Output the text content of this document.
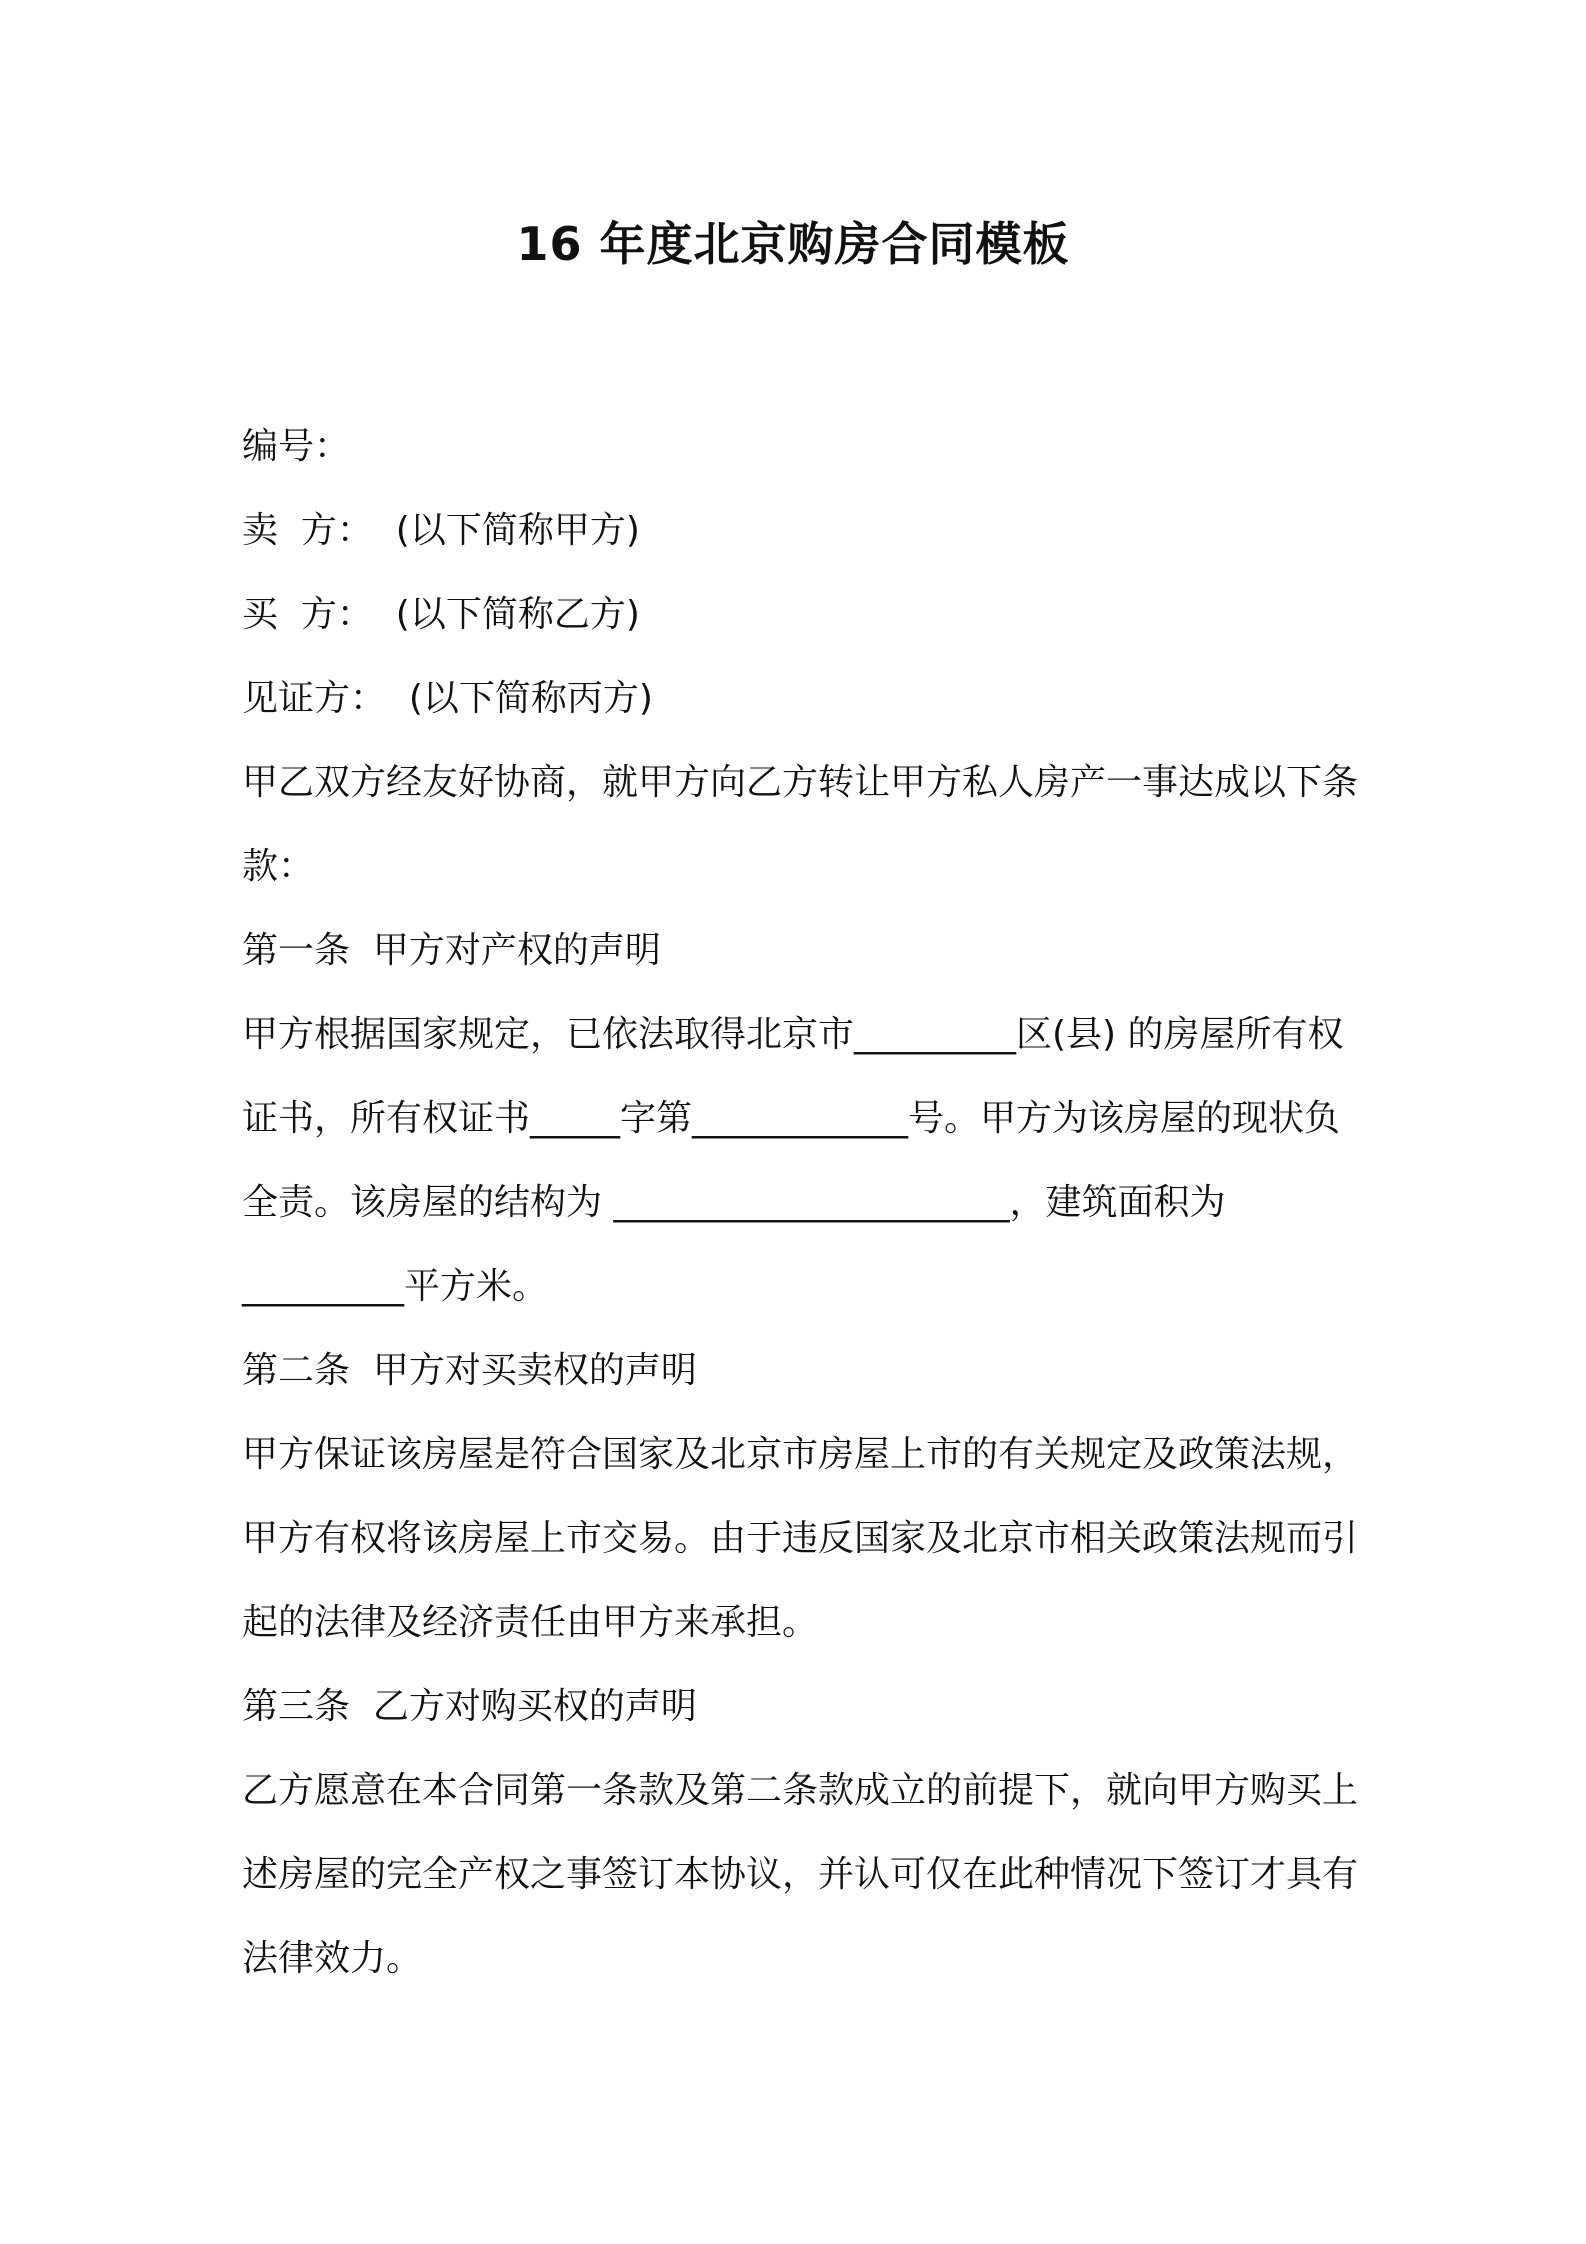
16 年度北京购房合同模板

编号：

卖  方：  (以下简称甲方)

买  方：  (以下简称乙方)

见证方：  (以下简称丙方)

甲乙双方经友好协商，就甲方向乙方转让甲方私人房产一事达成以下条款：

第一条  甲方对产权的声明

甲方根据国家规定，已依法取得北京市_________区(县) 的房屋所有权证书，所有权证书_____字第____________号。甲方为该房屋的现状负全责。该房屋的结构为 ______________________，建筑面积为_________平方米。

第二条  甲方对买卖权的声明

甲方保证该房屋是符合国家及北京市房屋上市的有关规定及政策法规，甲方有权将该房屋上市交易。由于违反国家及北京市相关政策法规而引起的法律及经济责任由甲方来承担。

第三条  乙方对购买权的声明

乙方愿意在本合同第一条款及第二条款成立的前提下，就向甲方购买上述房屋的完全产权之事签订本协议，并认可仅在此种情况下签订才具有法律效力。
